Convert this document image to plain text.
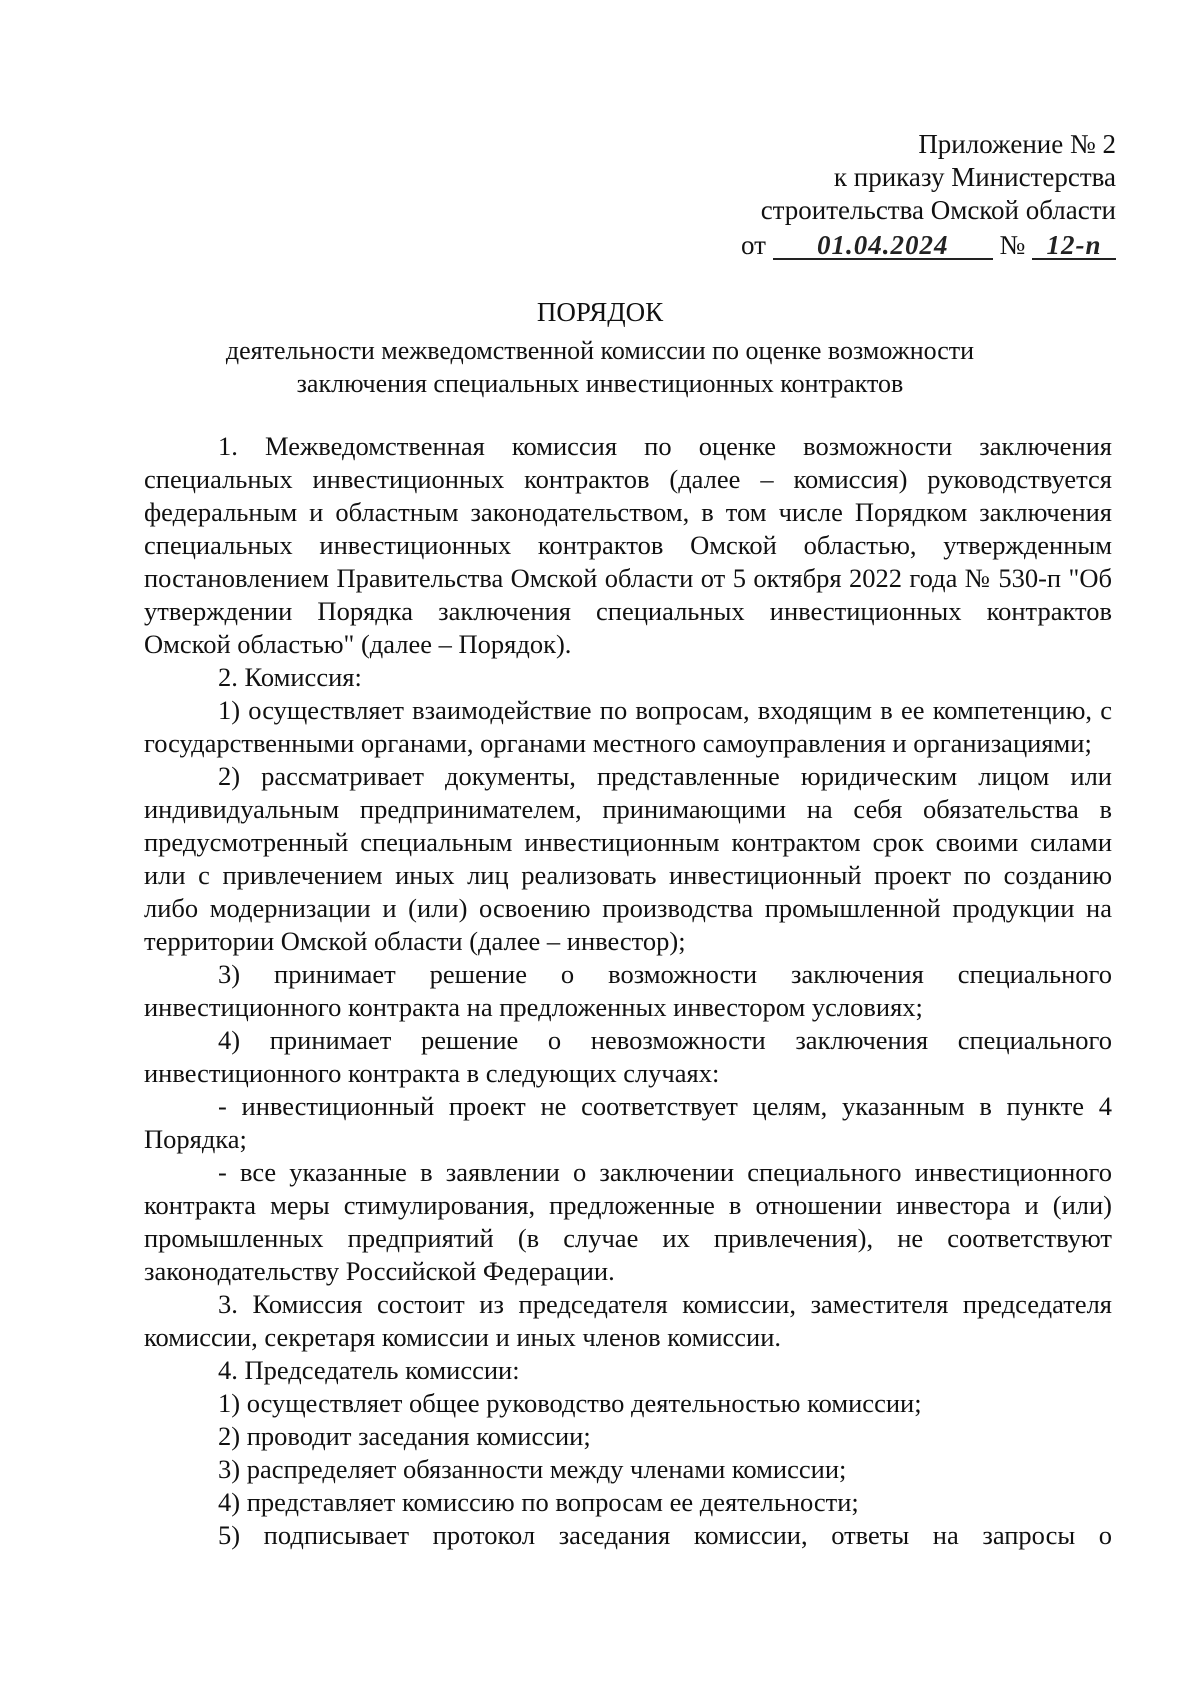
Приложение № 2
к приказу Министерства
строительства Омской области
от 01.04.2024 № 12-п
ПОРЯДОК
деятельности межведомственной комиссии по оценке возможности
заключения специальных инвестиционных контрактов

1. Межведомственная комиссия по оценке возможности заключения специальных инвестиционных контрактов (далее – комиссия) руководствуется федеральным и областным законодательством, в том числе Порядком заключения специальных инвестиционных контрактов Омской областью, утвержденным постановлением Правительства Омской области от 5 октября 2022 года № 530-п "Об утверждении Порядка заключения специальных инвестиционных контрактов Омской областью" (далее – Порядок).

2. Комиссия:

1) осуществляет взаимодействие по вопросам, входящим в ее компетенцию, с государственными органами, органами местного самоуправления и организациями;

2) рассматривает документы, представленные юридическим лицом или индивидуальным предпринимателем, принимающими на себя обязательства в предусмотренный специальным инвестиционным контрактом срок своими силами или с привлечением иных лиц реализовать инвестиционный проект по созданию либо модернизации и (или) освоению производства промышленной продукции на территории Омской области (далее – инвестор);

3) принимает решение о возможности заключения специального инвестиционного контракта на предложенных инвестором условиях;

4) принимает решение о невозможности заключения специального инвестиционного контракта в следующих случаях:

- инвестиционный проект не соответствует целям, указанным в пункте 4 Порядка;

- все указанные в заявлении о заключении специального инвестиционного контракта меры стимулирования, предложенные в отношении инвестора и (или) промышленных предприятий (в случае их привлечения), не соответствуют законодательству Российской Федерации.

3. Комиссия состоит из председателя комиссии, заместителя председателя комиссии, секретаря комиссии и иных членов комиссии.

4. Председатель комиссии:

1) осуществляет общее руководство деятельностью комиссии;

2) проводит заседания комиссии;

3) распределяет обязанности между членами комиссии;

4) представляет комиссию по вопросам ее деятельности;

5) подписывает протокол заседания комиссии, ответы на запросы о
